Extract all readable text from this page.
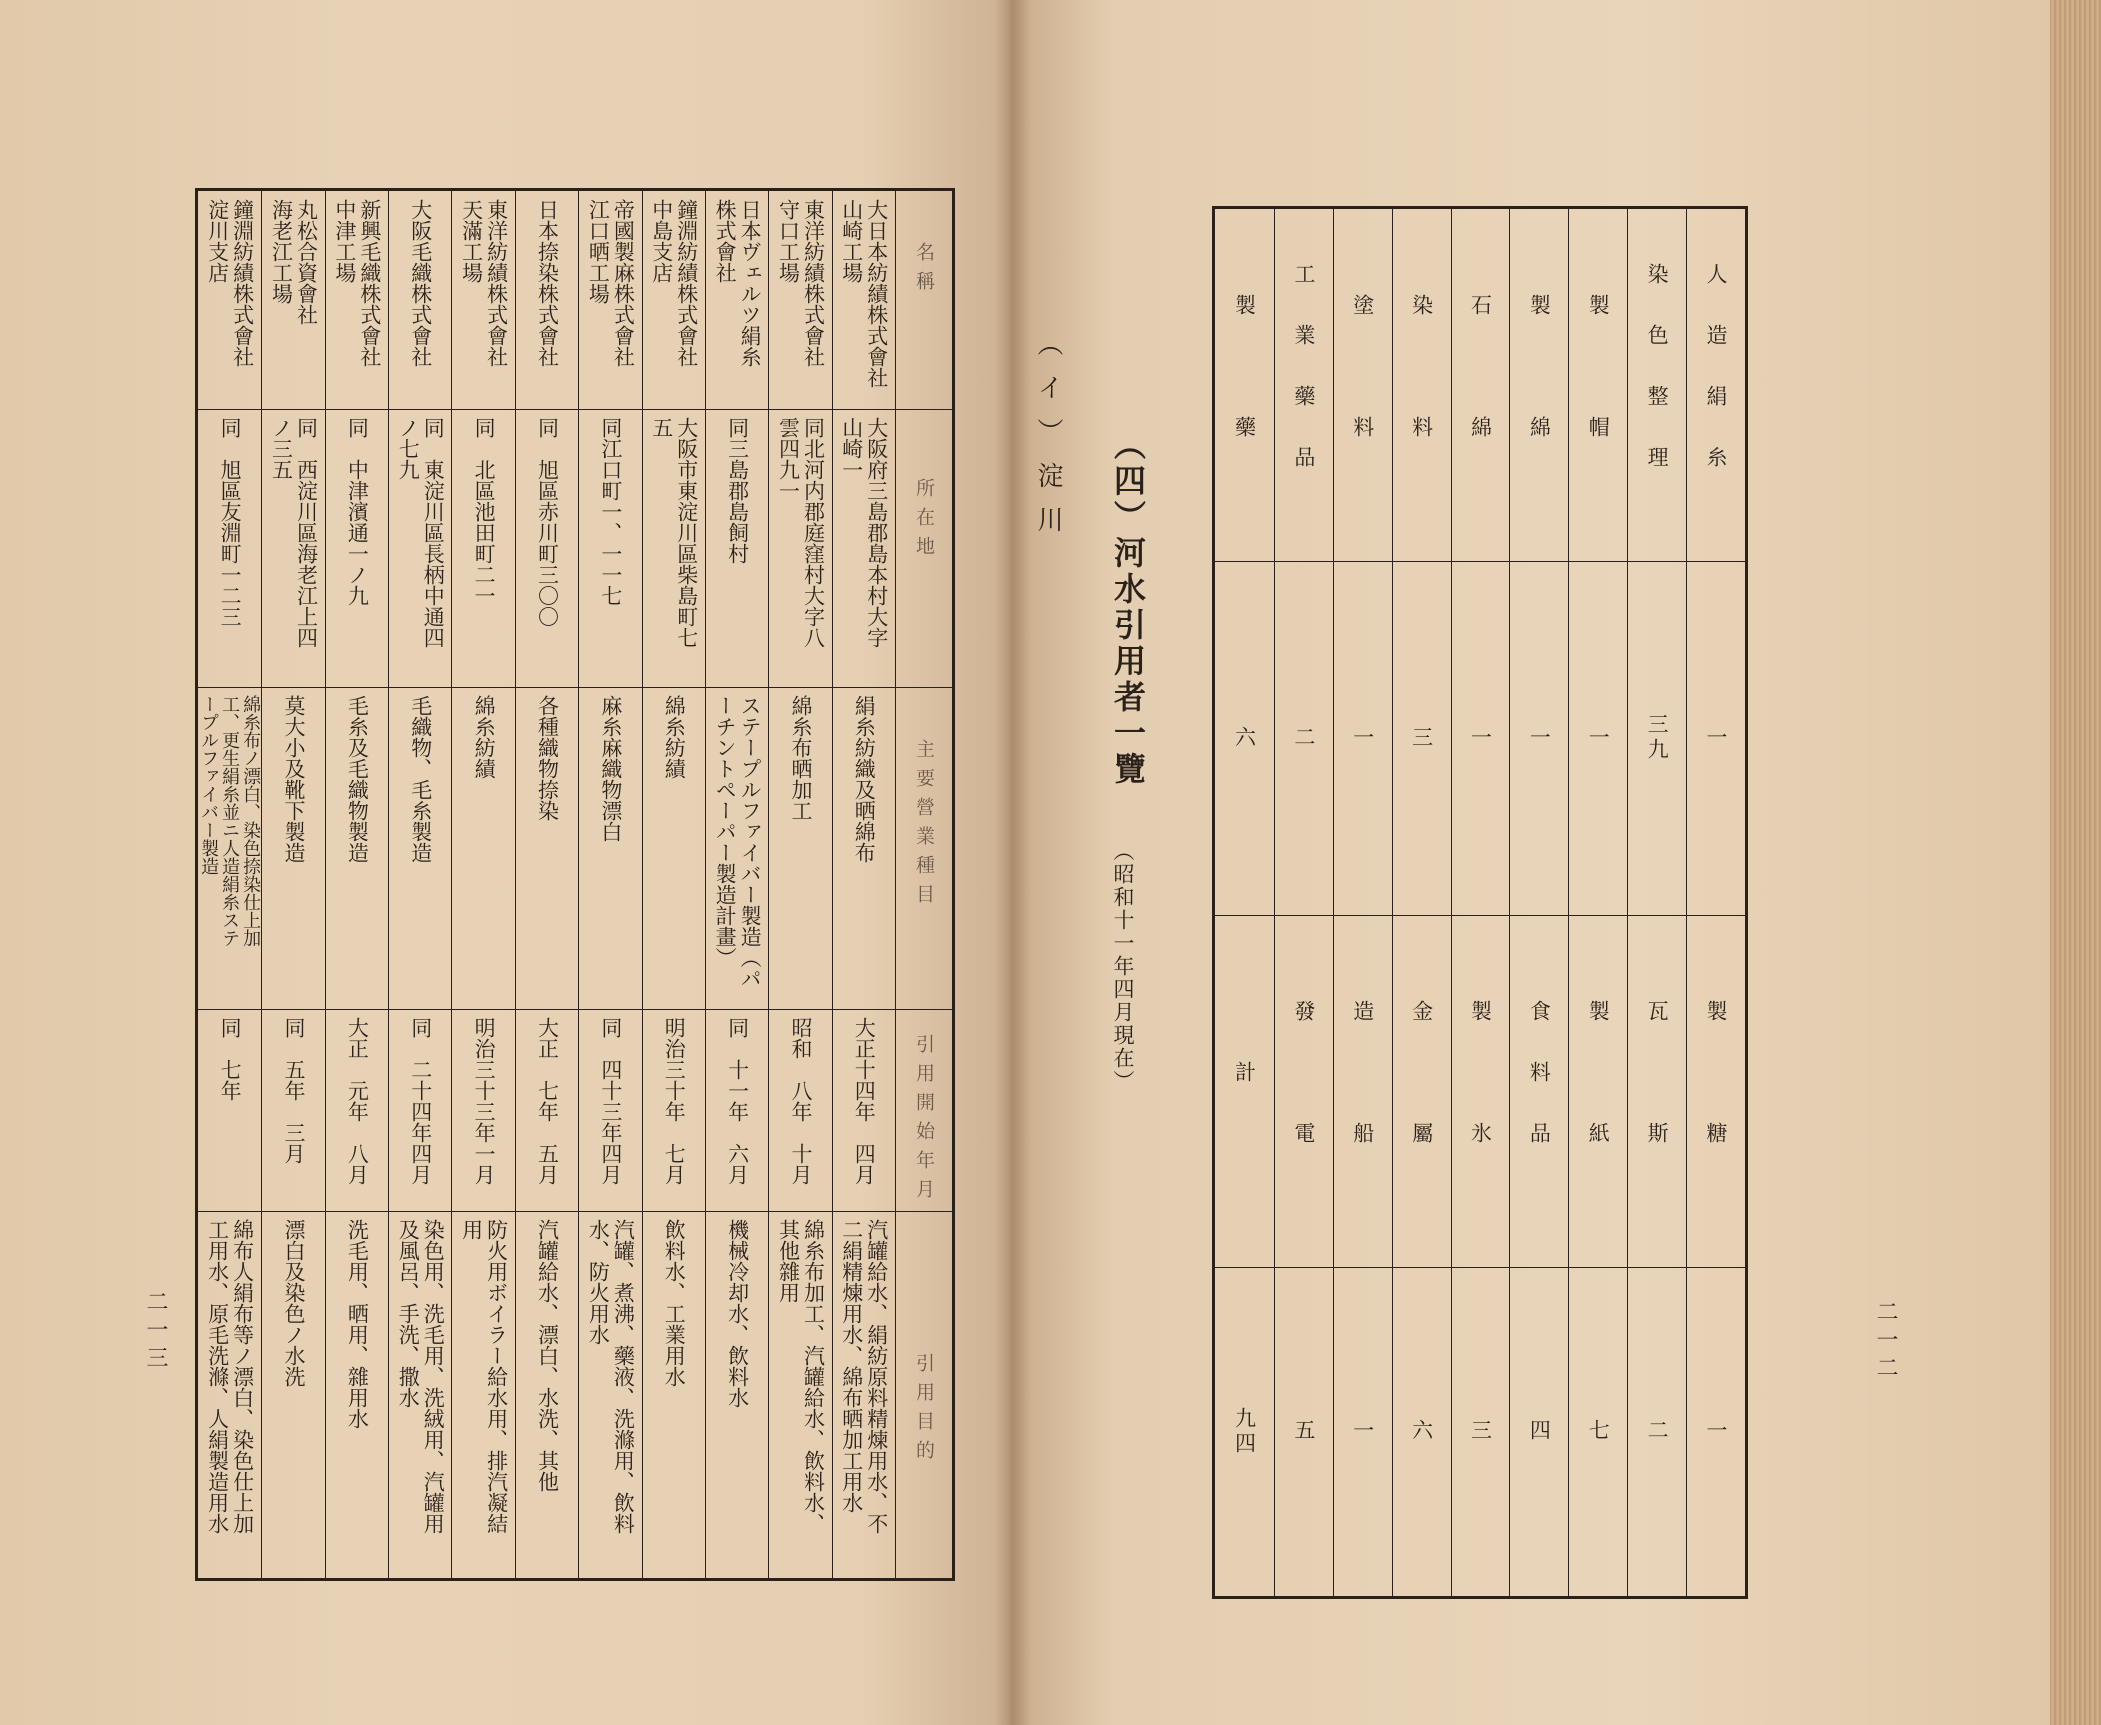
名稱
所在地
主要營業種目
引用開始年月
引用目的
大日本紡績株式會社
山崎工場
大阪府三島郡島本村大字
山崎一
絹糸紡織及晒綿布
大正十四年　四月
汽罐給水、絹紡原料精煉用水、不
二絹精煉用水、綿布晒加工用水
東洋紡績株式會社
守口工場
同北河内郡庭窪村大字八
雲四九一
綿糸布晒加工
昭和　八年　十月
綿糸布加工、汽罐給水、飲料水、
其他雜用
日本ヴェルツ絹糸
株式會社
同三島郡島飼村
ステープルファイバー製造（パ
ーチントペーパー製造計畫）
同　十一年　六月
機械冷却水、飲料水
鐘淵紡績株式會社
中島支店
大阪市東淀川區柴島町七
五
綿糸紡績
明治三十年　七月
飲料水、工業用水
帝國製麻株式會社
江口晒工場
同江口町一、一一七
麻糸麻織物漂白
同　四十三年四月
汽罐、煮沸、藥液、洗滌用、飲料
水、防火用水
日本捺染株式會社
同　旭區赤川町三〇〇
各種織物捺染
大正　七年　五月
汽罐給水、漂白、水洗、其他
東洋紡績株式會社
天滿工場
同　北區池田町二一
綿糸紡績
明治三十三年一月
防火用ボイラー給水用、排汽凝結
用
大阪毛織株式會社
同　東淀川區長柄中通四
ノ七九
毛織物、毛糸製造
同　二十四年四月
染色用、洗毛用、洗絨用、汽罐用
及風呂、手洗、撒水
新興毛織株式會社
中津工場
同　中津濱通一ノ九
毛糸及毛織物製造
大正　元年　八月
洗毛用、晒用、雜用水
丸松合資會社
海老江工場
同　西淀川區海老江上四
ノ三五
莫大小及靴下製造
同　五年　三月
漂白及染色ノ水洗
鐘淵紡績株式會社
淀川支店
同　旭區友淵町一二三
綿糸布ノ漂白、染色捺染仕上加
工、更生絹糸並ニ人造絹糸ステ
ープルファイバー製造
同　七年
綿布人絹布等ノ漂白、染色仕上加
工用水、原毛洗滌、人絹製造用水
（イ）淀川
二一三
（四）河水引用者一覽
（昭和十一年四月現在）
人造絹糸
一
製　糖
一
染色整理
三九
瓦　斯
二
製　帽
一
製　紙
七
製　綿
一
食料品
四
石　綿
一
製　氷
三
染　料
三
金　屬
六
塗　料
一
造　船
一
工業藥品
二
發　電
五
製　藥
六
計
九四
二一二
